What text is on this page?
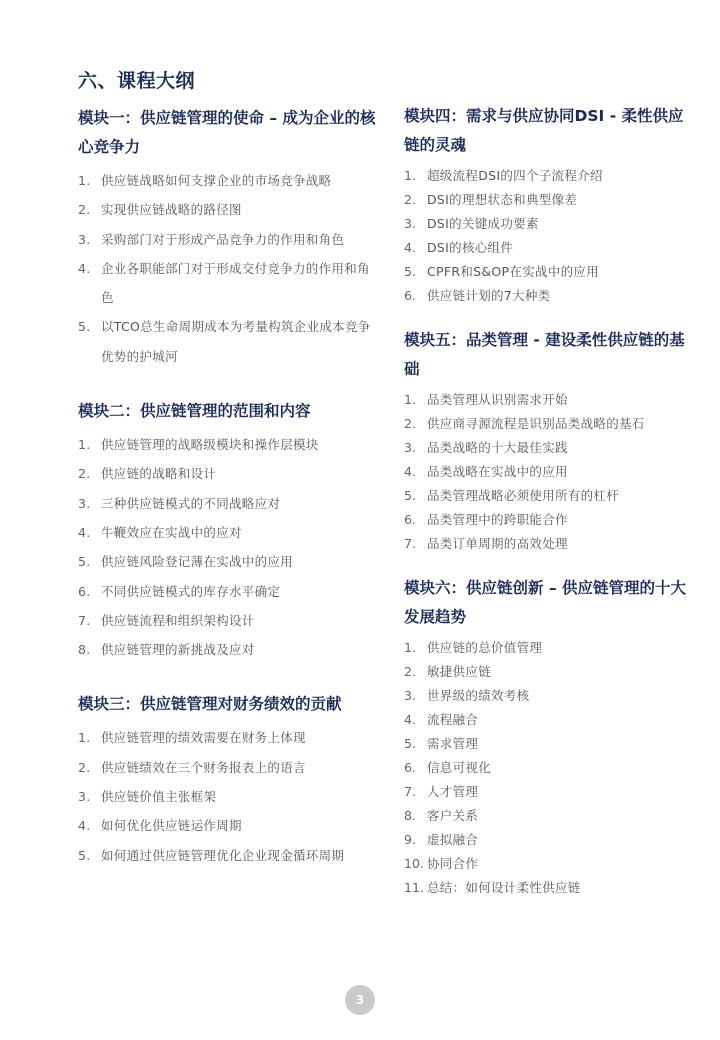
六、课程大纲
模块一：供应链管理的使命 – 成为企业的核心竞争力
1. 供应链战略如何支撑企业的市场竞争战略
2. 实现供应链战略的路径图
3. 采购部门对于形成产品竞争力的作用和角色
4. 企业各职能部门对于形成交付竞争力的作用和角色
5. 以TCO总生命周期成本为考量构筑企业成本竞争优势的护城河
模块二：供应链管理的范围和内容
1. 供应链管理的战略级模块和操作层模块
2. 供应链的战略和设计
3. 三种供应链模式的不同战略应对
4. 牛鞭效应在实战中的应对
5. 供应链风险登记薄在实战中的应用
6. 不同供应链模式的库存水平确定
7. 供应链流程和组织架构设计
8. 供应链管理的新挑战及应对
模块三：供应链管理对财务绩效的贡献
1. 供应链管理的绩效需要在财务上体现
2. 供应链绩效在三个财务报表上的语言
3. 供应链价值主张框架
4. 如何优化供应链运作周期
5. 如何通过供应链管理优化企业现金循环周期
模块四：需求与供应协同DSI - 柔性供应链的灵魂
1. 超级流程DSI的四个子流程介绍
2. DSI的理想状态和典型像差
3. DSI的关键成功要素
4. DSI的核心组件
5. CPFR和S&OP在实战中的应用
6. 供应链计划的7大种类
模块五：品类管理 - 建设柔性供应链的基础
1. 品类管理从识别需求开始
2. 供应商寻源流程是识别品类战略的基石
3. 品类战略的十大最佳实践
4. 品类战略在实战中的应用
5. 品类管理战略必须使用所有的杠杆
6. 品类管理中的跨职能合作
7. 品类订单周期的高效处理
模块六：供应链创新 – 供应链管理的十大发展趋势
1. 供应链的总价值管理
2. 敏捷供应链
3. 世界级的绩效考核
4. 流程融合
5. 需求管理
6. 信息可视化
7. 人才管理
8. 客户关系
9. 虚拟融合
10. 协同合作
11. 总结：如何设计柔性供应链
3
